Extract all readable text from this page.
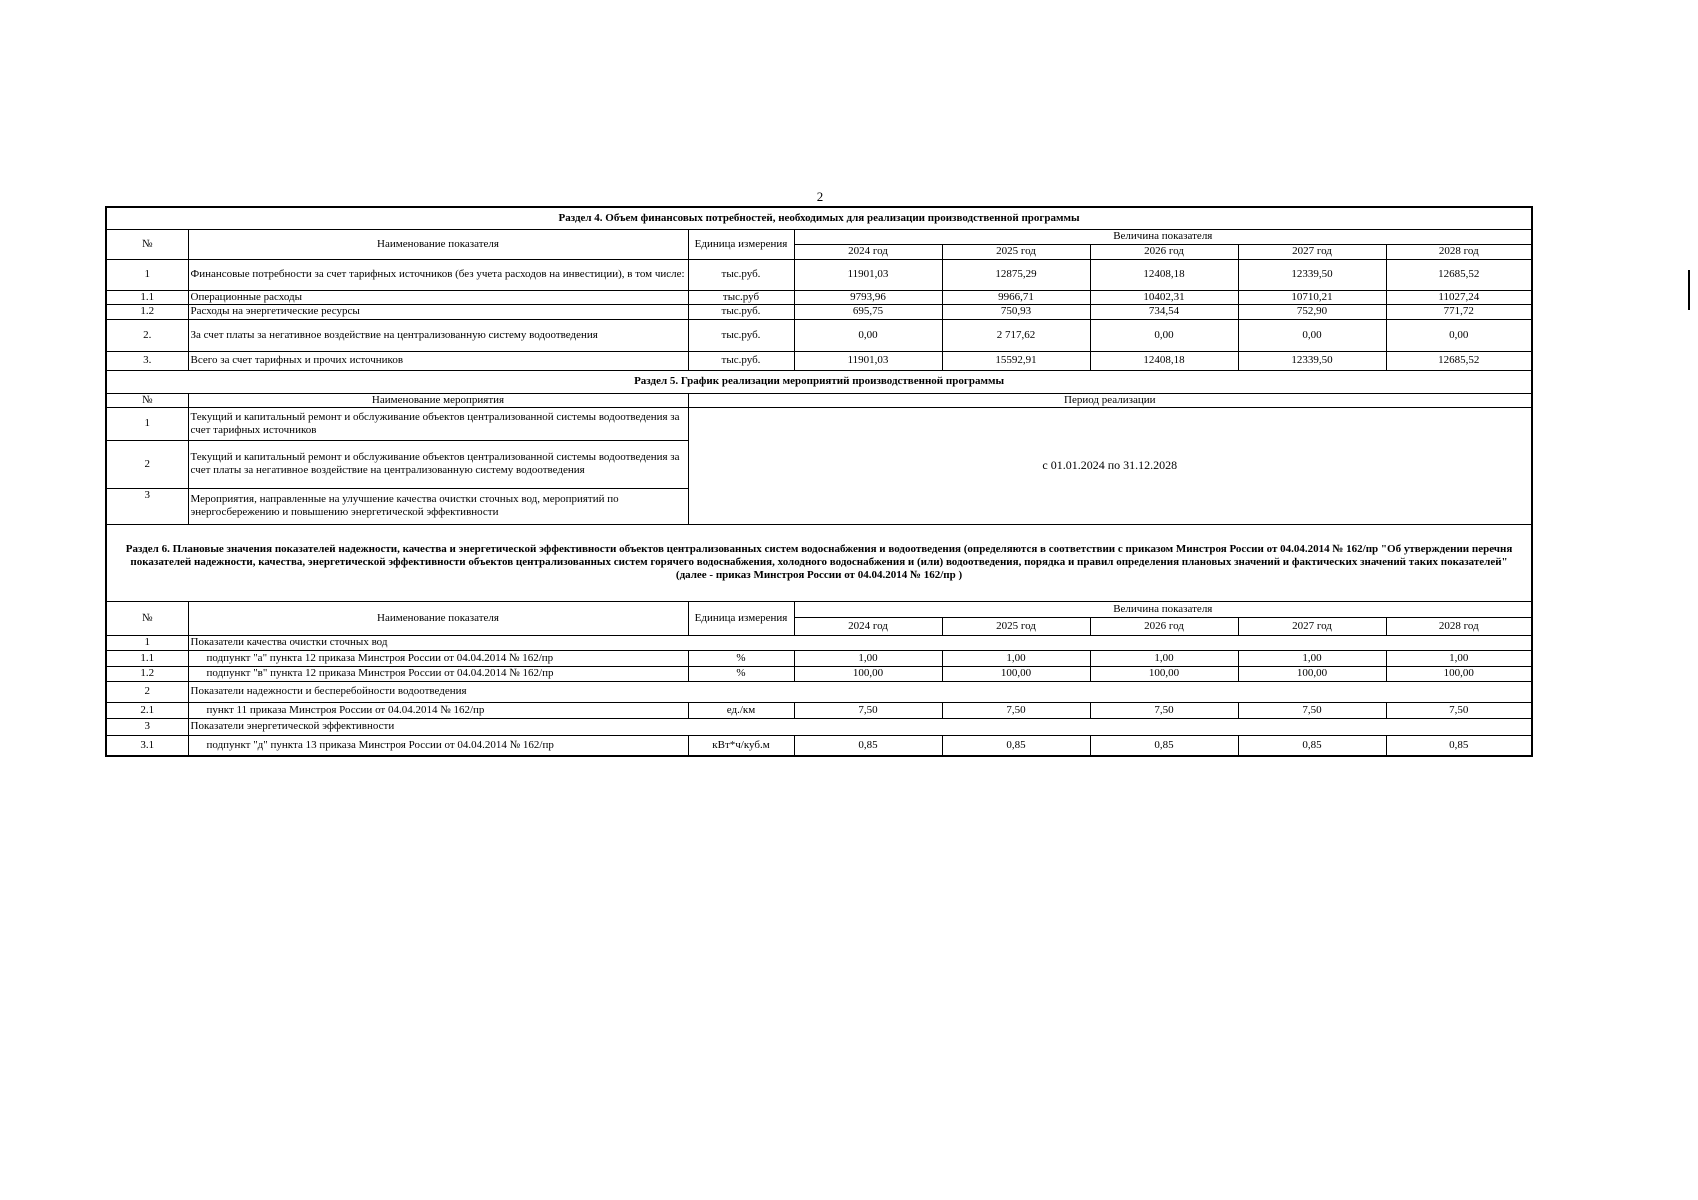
2
Раздел 4. Объем финансовых потребностей, необходимых для реализации производственной программы							
№	Наименование показателя	Единица измерения	Величина показателя				
			2024 год	2025 год	2026 год	2027 год	2028 год
1	Финансовые потребности за счет тарифных источников (без учета расходов на инвестиции), в том числе:	тыс.руб.	11901,03	12875,29	12408,18	12339,50	12685,52
1.1	Операционные расходы	тыс.руб	9793,96	9966,71	10402,31	10710,21	11027,24
1.2	Расходы на энергетические ресурсы	тыс.руб.	695,75	750,93	734,54	752,90	771,72
2.	За счет платы за негативное воздействие на централизованную систему водоотведения	тыс.руб.	0,00	2 717,62	0,00	0,00	0,00
3.	Всего за счет тарифных и прочих источников	тыс.руб.	11901,03	15592,91	12408,18	12339,50	12685,52
Раздел 5. График реализации мероприятий производственной программы							
№	Наименование мероприятия	Период реализации					
1	Текущий и капитальный ремонт и обслуживание объектов централизованной системы водоотведения за счет тарифных источников	с 01.01.2024 по 31.12.2028					
2	Текущий и капитальный ремонт и обслуживание объектов централизованной системы водоотведения за счет платы за негативное воздействие на централизованную систему водоотведения						
3	Мероприятия, направленные на улучшение качества очистки сточных вод, мероприятий по энергосбережению и повышению энергетической эффективности						
Раздел 6. Плановые значения показателей надежности, качества и энергетической эффективности объектов централизованных систем водоснабжения и водоотведения (определяются в соответствии с приказом Минстроя России от 04.04.2014 № 162/пр "Об утверждении перечня показателей надежности, качества, энергетической эффективности объектов централизованных систем горячего водоснабжения, холодного водоснабжения и (или) водоотведения, порядка и правил определения плановых значений и фактических значений таких показателей" (далее - приказ Минстроя России от 04.04.2014 № 162/пр )							
№	Наименование показателя	Единица измерения	Величина показателя				
			2024 год	2025 год	2026 год	2027 год	2028 год
1	Показатели качества очистки сточных вод						
1.1	подпункт "а" пункта 12 приказа Минстроя России от 04.04.2014 № 162/пр	%	1,00	1,00	1,00	1,00	1,00
1.2	подпункт "в" пункта 12 приказа Минстроя России от 04.04.2014 № 162/пр	%	100,00	100,00	100,00	100,00	100,00
2	Показатели надежности и бесперебойности водоотведения						
2.1	пункт 11 приказа Минстроя России от 04.04.2014 № 162/пр	ед./км	7,50	7,50	7,50	7,50	7,50
3	Показатели энергетической эффективности						
3.1	подпункт "д" пункта 13 приказа Минстроя России от 04.04.2014 № 162/пр	кВт*ч/куб.м	0,85	0,85	0,85	0,85	0,85
